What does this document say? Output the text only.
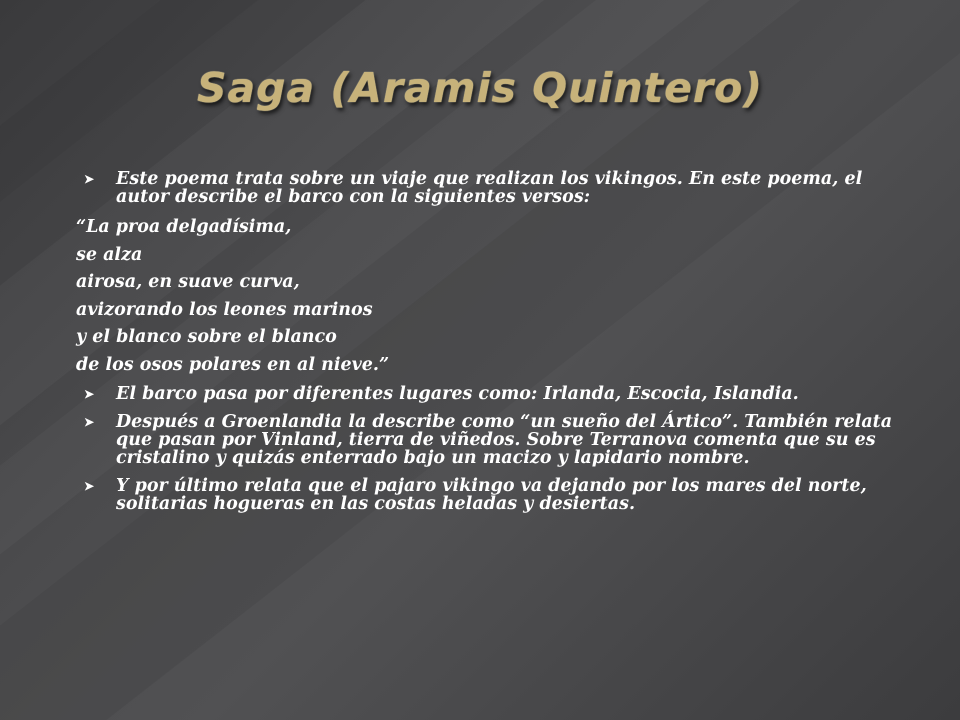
Saga (Aramis Quintero)
➤ Este poema trata sobre un viaje que realizan los vikingos. En este poema, el autor describe el barco con la siguientes versos:
“La proa delgadísima,
se alza
airosa, en suave curva,
avizorando los leones marinos
y el blanco sobre el blanco
de los osos polares en al nieve.”
➤ El barco pasa por diferentes lugares como: Irlanda, Escocia, Islandia.
➤ Después a Groenlandia la describe como “un sueño del Ártico”. También relata que pasan por Vinland, tierra de viñedos. Sobre Terranova comenta que su es cristalino y quizás enterrado bajo un macizo y lapidario nombre.
➤ Y por último relata que el pajaro vikingo va dejando por los mares del norte, solitarias hogueras en las costas heladas y desiertas.
